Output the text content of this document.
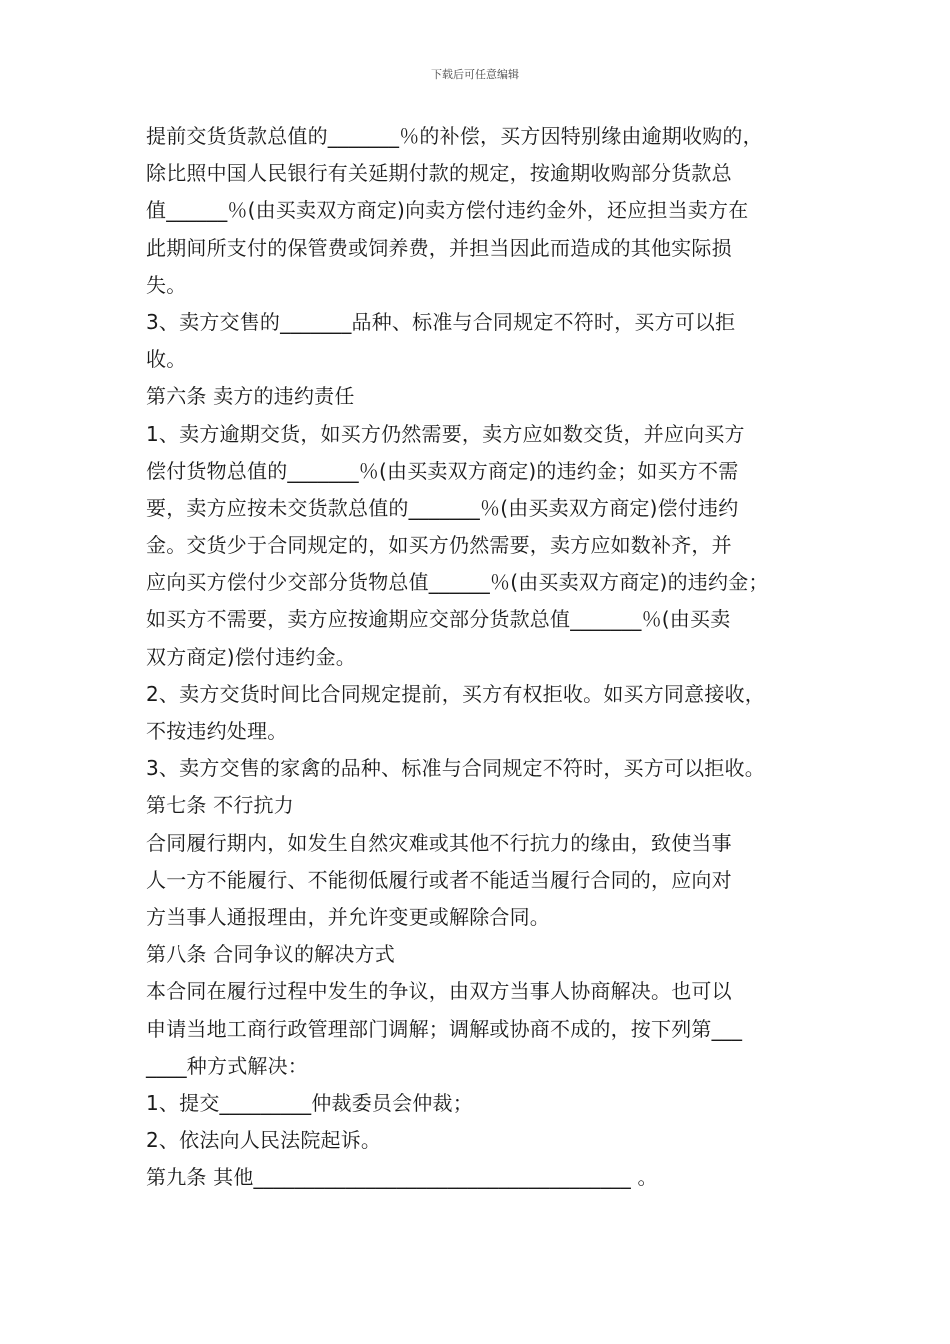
下载后可任意编辑
提前交货货款总值的_______％的补偿，买方因特别缘由逾期收购的，
除比照中国人民银行有关延期付款的规定，按逾期收购部分货款总
值______％(由买卖双方商定)向卖方偿付违约金外，还应担当卖方在
此期间所支付的保管费或饲养费，并担当因此而造成的其他实际损
失。
3、卖方交售的_______品种、标准与合同规定不符时，买方可以拒
收。
第六条 卖方的违约责任
1、卖方逾期交货，如买方仍然需要，卖方应如数交货，并应向买方
偿付货物总值的_______％(由买卖双方商定)的违约金；如买方不需
要，卖方应按未交货款总值的_______％(由买卖双方商定)偿付违约
金。交货少于合同规定的，如买方仍然需要，卖方应如数补齐，并
应向买方偿付少交部分货物总值______％(由买卖双方商定)的违约金；
如买方不需要，卖方应按逾期应交部分货款总值_______％(由买卖
双方商定)偿付违约金。
2、卖方交货时间比合同规定提前，买方有权拒收。如买方同意接收，
不按违约处理。
3、卖方交售的家禽的品种、标准与合同规定不符时，买方可以拒收。
第七条 不行抗力
合同履行期内，如发生自然灾难或其他不行抗力的缘由，致使当事
人一方不能履行、不能彻低履行或者不能适当履行合同的，应向对
方当事人通报理由，并允许变更或解除合同。
第八条 合同争议的解决方式
本合同在履行过程中发生的争议，由双方当事人协商解决。也可以
申请当地工商行政管理部门调解；调解或协商不成的，按下列第___
____种方式解决：
1、提交_________仲裁委员会仲裁；
2、依法向人民法院起诉。
第九条 其他_____________________________________ 。
